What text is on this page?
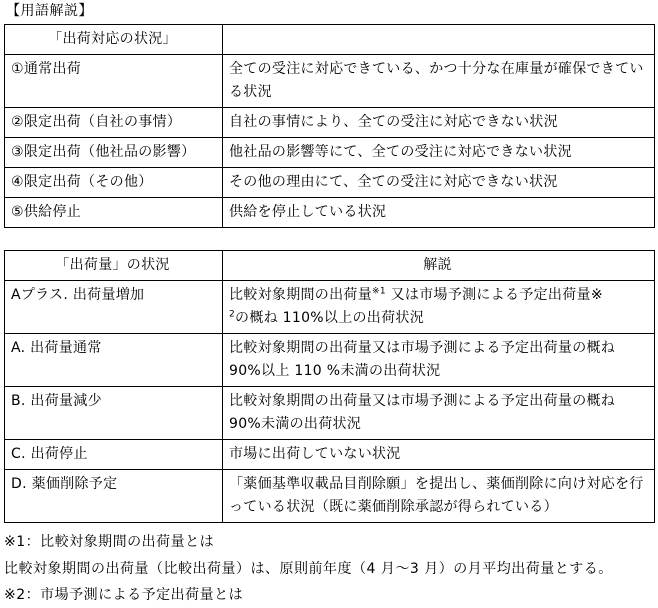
【用語解説】
「出荷対応の状況」	
①通常出荷	全ての受注に対応できている、かつ十分な在庫量が確保できている状況
②限定出荷（自社の事情）	自社の事情により、全ての受注に対応できない状況
③限定出荷（他社品の影響）	他社品の影響等にて、全ての受注に対応できない状況
④限定出荷（その他）	その他の理由にて、全ての受注に対応できない状況
⑤供給停止	供給を停止している状況
「出荷量」の状況	解説
Aプラス. 出荷量増加	比較対象期間の出荷量$^{※1}$ 又は市場予測による予定出荷量※
$^2$の概ね 110%以上の出荷状況
A. 出荷量通常	比較対象期間の出荷量又は市場予測による予定出荷量の概ね 90%以上 110 %未満の出荷状況
B. 出荷量減少	比較対象期間の出荷量又は市場予測による予定出荷量の概ね 90%未満の出荷状況
C. 出荷停止	市場に出荷していない状況
D. 薬価削除予定	「薬価基準収載品目削除願」を提出し、薬価削除に向け対応を行っている状況（既に薬価削除承認が得られている）
※1：比較対象期間の出荷量とは
比較対象期間の出荷量（比較出荷量）は、原則前年度（4 月～3 月）の月平均出荷量とする。
※2：市場予測による予定出荷量とは
